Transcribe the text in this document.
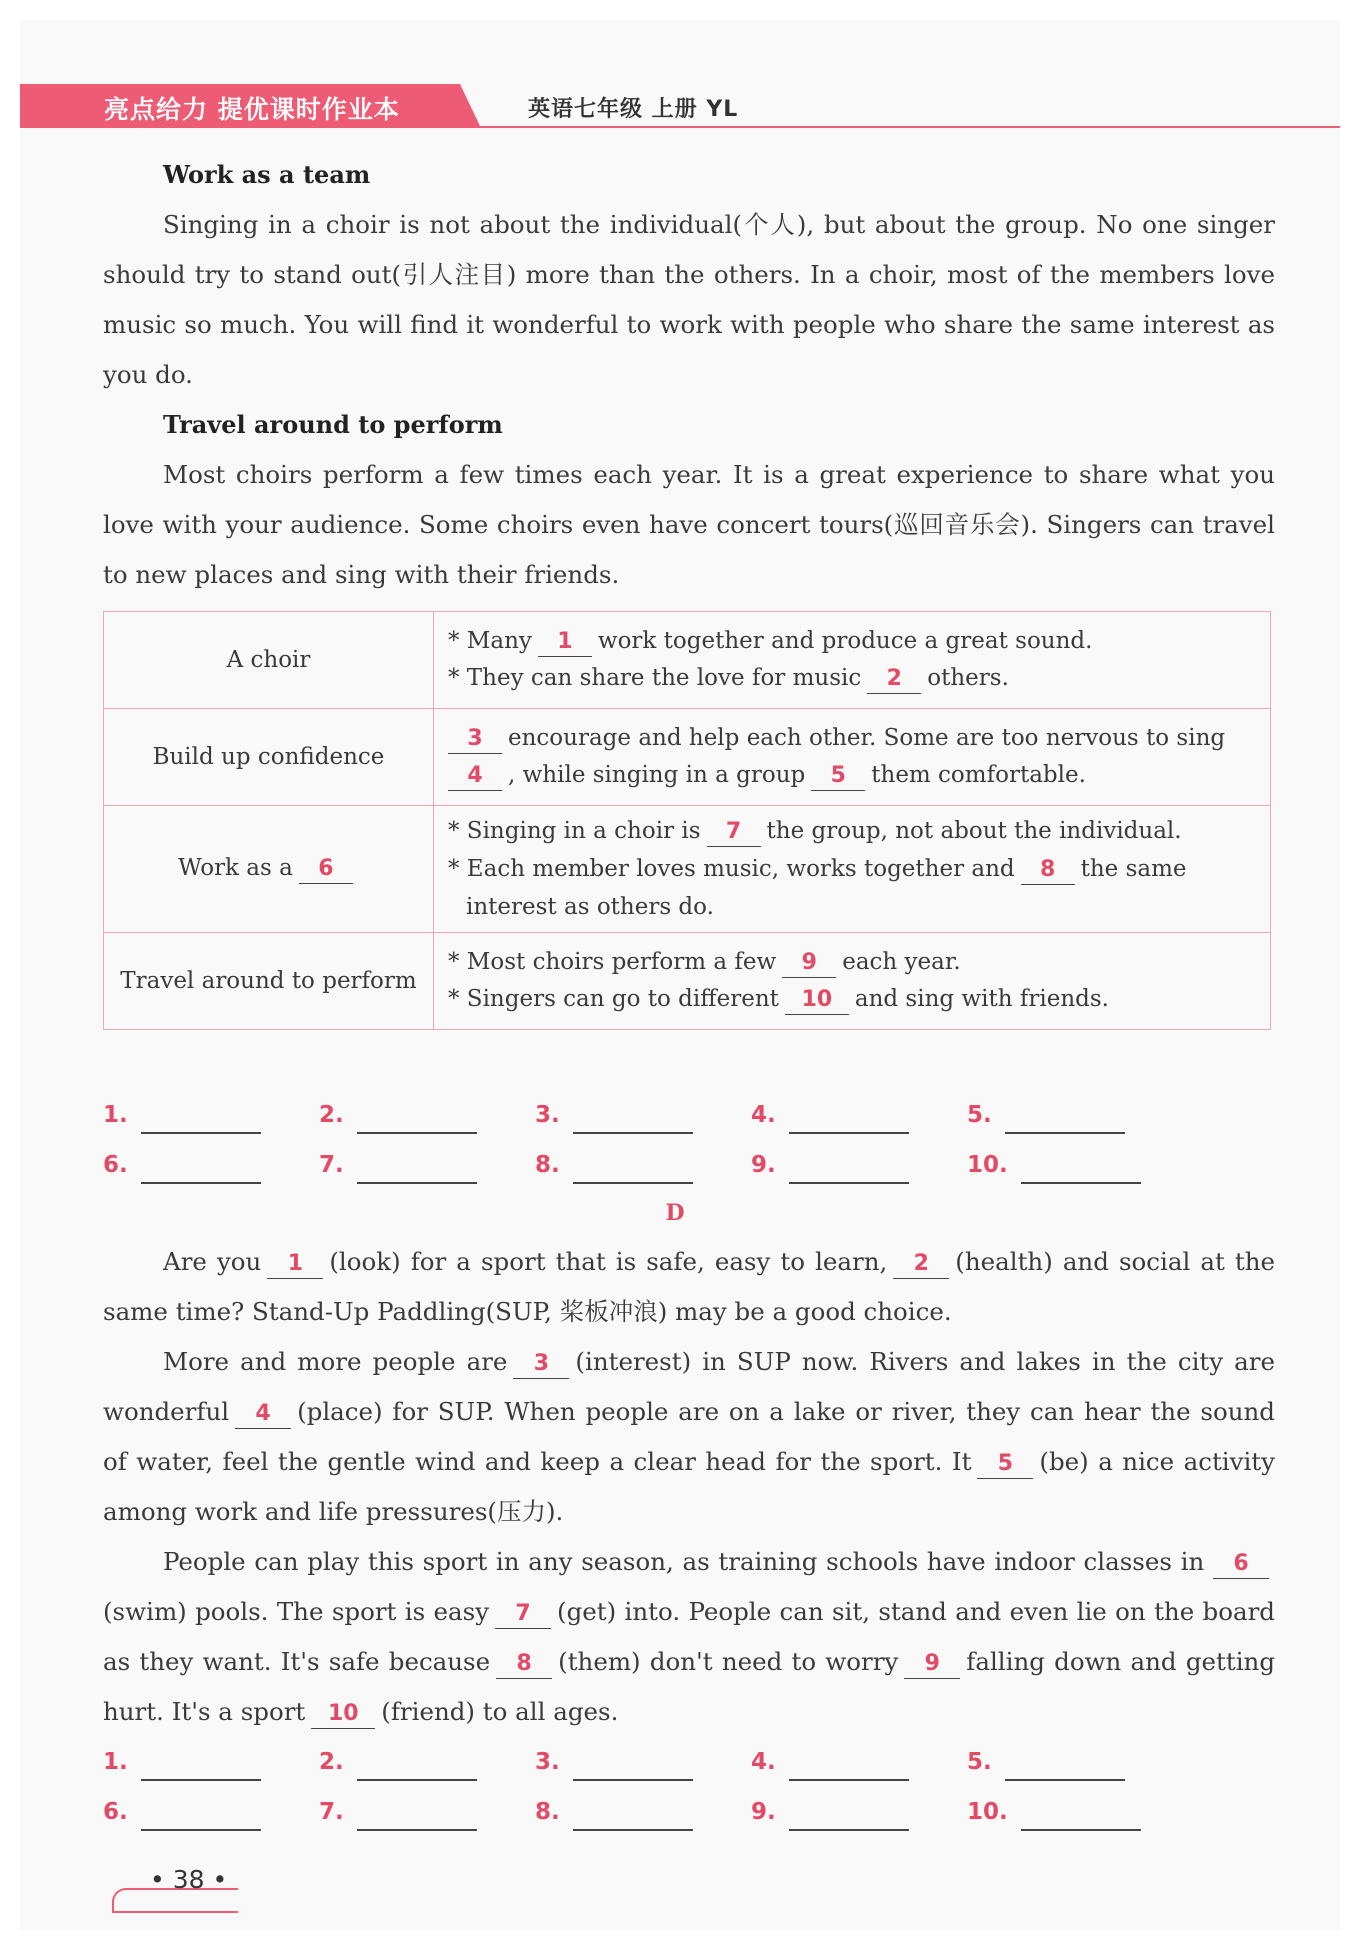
亮点给力 提优课时作业本	英语七年级 上册 YL
Work as a team
Singing in a choir is not about the individual(个人), but about the group. No one singer should try to stand out(引人注目) more than the others. In a choir, most of the members love music so much. You will find it wonderful to work with people who share the same interest as you do.
Travel around to perform
Most choirs perform a few times each year. It is a great experience to share what you love with your audience. Some choirs even have concert tours(巡回音乐会). Singers can travel to new places and sing with their friends.
A choir	* Many 1 work together and produce a great sound.
* They can share the love for music 2 others.

Build up confidence	3 encourage and help each other. Some are too nervous to sing
4 , while singing in a group 5 them comfortable.

Work as a 6	* Singing in a choir is 7 the group, not about the individual.
* Each member loves music, works together and 8 the same
interest as others do.

Travel around to perform	* Most choirs perform a few 9 each year.
* Singers can go to different 10 and sing with friends.
1.	2.	3.	4.	5.
6.	7.	8.	9.	10.
D
Are you 1 (look) for a sport that is safe, easy to learn, 2 (health) and social at the same time? Stand-Up Paddling(SUP, 桨板冲浪) may be a good choice.
More and more people are 3 (interest) in SUP now. Rivers and lakes in the city are wonderful 4 (place) for SUP. When people are on a lake or river, they can hear the sound of water, feel the gentle wind and keep a clear head for the sport. It 5 (be) a nice activity among work and life pressures(压力).
People can play this sport in any season, as training schools have indoor classes in 6(swim) pools. The sport is easy 7 (get) into. People can sit, stand and even lie on the board as they want. It's safe because 8 (them) don't need to worry 9 falling down and getting hurt. It's a sport 10 (friend) to all ages.
1.	2.	3.	4.	5.
6.	7.	8.	9.	10.
• 38 •
